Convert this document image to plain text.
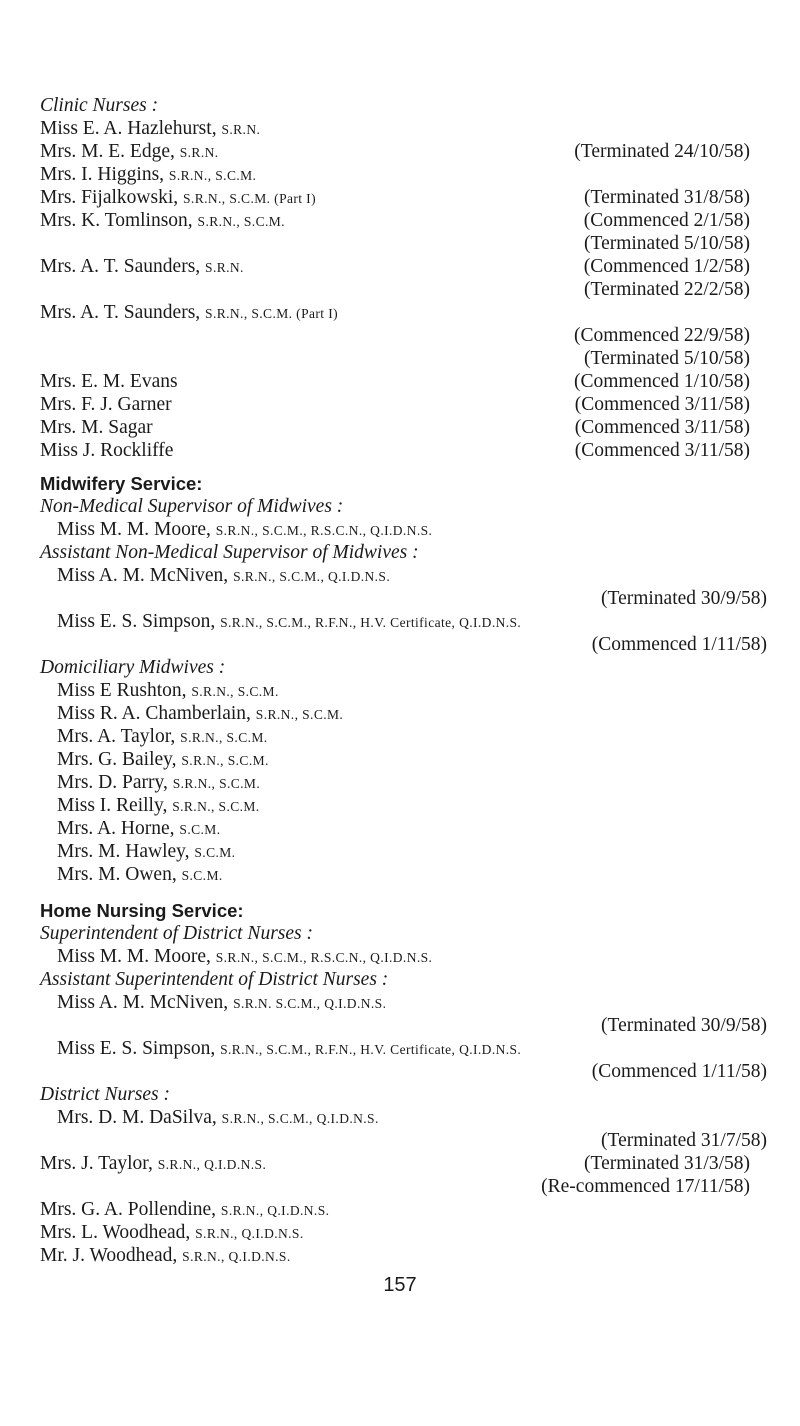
Clinic Nurses :
Miss E. A. Hazlehurst, S.R.N.
Mrs. M. E. Edge, S.R.N.	(Terminated 24/10/58)
Mrs. I. Higgins, S.R.N., S.C.M.
Mrs. Fijalkowski, S.R.N., S.C.M. (Part I)	(Terminated 31/8/58)
Mrs. K. Tomlinson, S.R.N., S.C.M.	(Commenced 2/1/58)
(Terminated 5/10/58)
Mrs. A. T. Saunders, S.R.N.	(Commenced 1/2/58)
(Terminated 22/2/58)
Mrs. A. T. Saunders, S.R.N., S.C.M. (Part I)
(Commenced 22/9/58)
(Terminated 5/10/58)
Mrs. E. M. Evans	(Commenced 1/10/58)
Mrs. F. J. Garner	(Commenced 3/11/58)
Mrs. M. Sagar	(Commenced 3/11/58)
Miss J. Rockliffe	(Commenced 3/11/58)
Midwifery Service:
Non-Medical Supervisor of Midwives :
Miss M. M. Moore, S.R.N., S.C.M., R.S.C.N., Q.I.D.N.S.
Assistant Non-Medical Supervisor of Midwives :
Miss A. M. McNiven, S.R.N., S.C.M., Q.I.D.N.S.
(Terminated 30/9/58)
Miss E. S. Simpson, S.R.N., S.C.M., R.F.N., H.V. Certificate, Q.I.D.N.S.
(Commenced 1/11/58)
Domiciliary Midwives :
Miss E Rushton, S.R.N., S.C.M.
Miss R. A. Chamberlain, S.R.N., S.C.M.
Mrs. A. Taylor, S.R.N., S.C.M.
Mrs. G. Bailey, S.R.N., S.C.M.
Mrs. D. Parry, S.R.N., S.C.M.
Miss I. Reilly, S.R.N., S.C.M.
Mrs. A. Horne, S.C.M.
Mrs. M. Hawley, S.C.M.
Mrs. M. Owen, S.C.M.
Home Nursing Service:
Superintendent of District Nurses :
Miss M. M. Moore, S.R.N., S.C.M., R.S.C.N., Q.I.D.N.S.
Assistant Superintendent of District Nurses :
Miss A. M. McNiven, S.R.N. S.C.M., Q.I.D.N.S.
(Terminated 30/9/58)
Miss E. S. Simpson, S.R.N., S.C.M., R.F.N., H.V. Certificate, Q.I.D.N.S.
(Commenced 1/11/58)
District Nurses :
Mrs. D. M. DaSilva, S.R.N., S.C.M., Q.I.D.N.S.
(Terminated 31/7/58)
Mrs. J. Taylor, S.R.N., Q.I.D.N.S.	(Terminated 31/3/58)
(Re-commenced 17/11/58)
Mrs. G. A. Pollendine, S.R.N., Q.I.D.N.S.
Mrs. L. Woodhead, S.R.N., Q.I.D.N.S.
Mr. J. Woodhead, S.R.N., Q.I.D.N.S.
157
